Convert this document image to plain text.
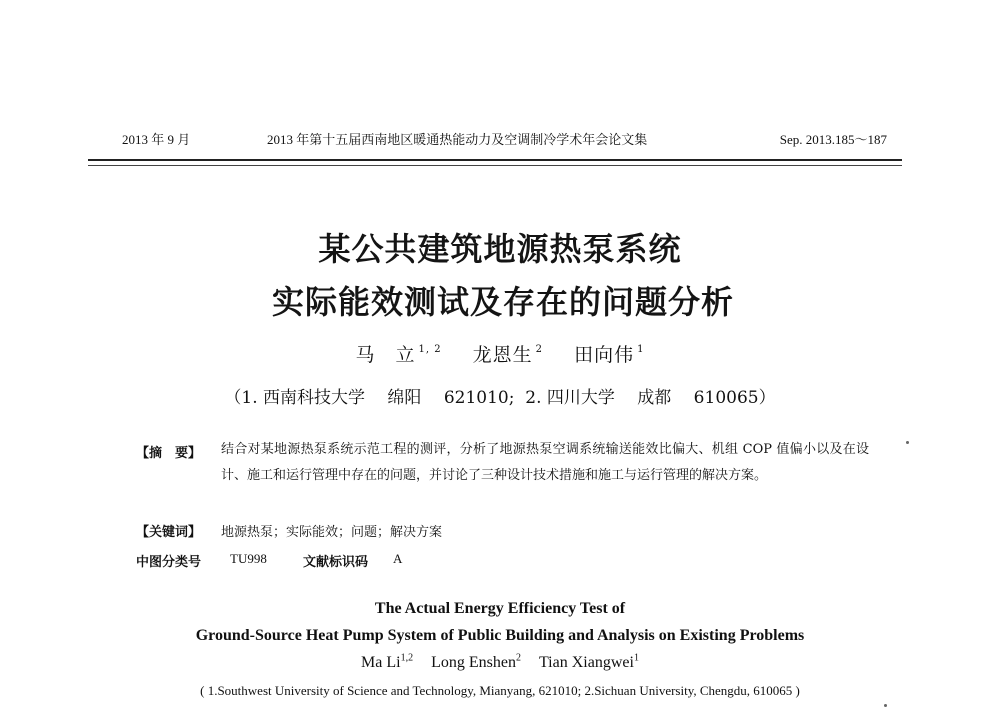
2013 年 9 月	2013 年第十五届西南地区暖通热能动力及空调制冷学术年会论文集	Sep. 2013.185～187
某公共建筑地源热泵系统
实际能效测试及存在的问题分析
马　立 $^{1, 2}$ 龙恩生 $^2$ 田向伟 $^1$
（1. 西南科技大学　 绵阳　 621010;  2. 四川大学　 成都　 610065）
【摘　要】 结合对某地源热泵系统示范工程的测评，分析了地源热泵空调系统输送能效比偏大、机组 COP 值偏小以及在设计、施工和运行管理中存在的问题，并讨论了三种设计技术措施和施工与运行管理的解决方案。
【关键词】 地源热泵；实际能效；问题；解决方案
中图分类号 TU998	文献标识码 A
The Actual Energy Efficiency Test of
Ground-Source Heat Pump System of Public Building and Analysis on Existing Problems
Ma Li$^{1,2}$ Long Enshen$^2$ Tian Xiangwei$^1$
( 1.Southwest University of Science and Technology, Mianyang, 621010; 2.Sichuan University, Chengdu, 610065 )
